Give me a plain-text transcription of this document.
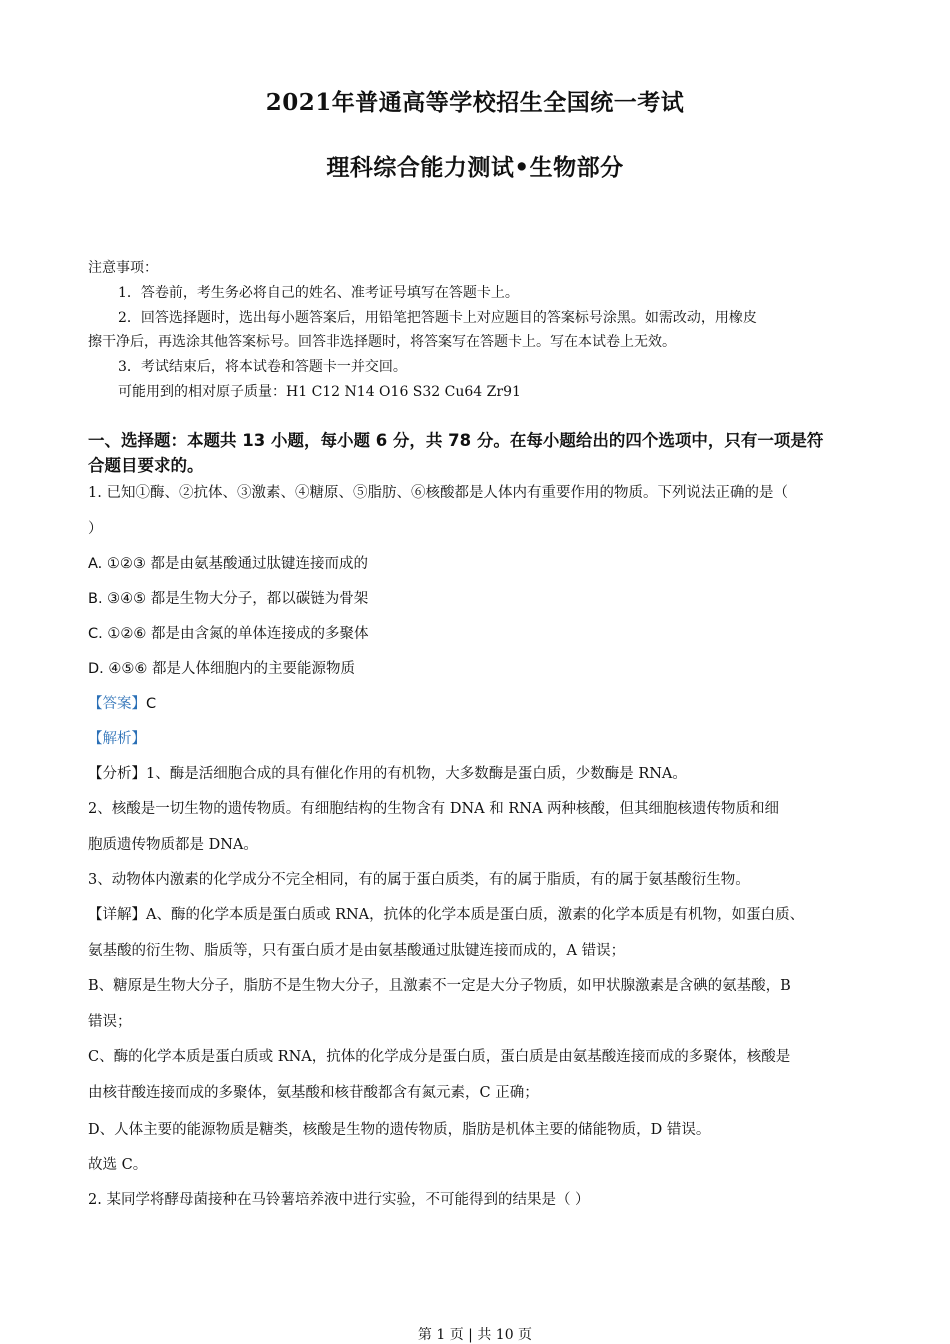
2021年普通高等学校招生全国统一考试
理科综合能力测试•生物部分
注意事项：
1．答卷前，考生务必将自己的姓名、准考证号填写在答题卡上。
2．回答选择题时，选出每小题答案后，用铅笔把答题卡上对应题目的答案标号涂黑。如需改动，用橡皮
擦干净后，再选涂其他答案标号。回答非选择题时，将答案写在答题卡上。写在本试卷上无效。
3．考试结束后，将本试卷和答题卡一并交回。
可能用到的相对原子质量：H1 C12 N14 O16 S32 Cu64 Zr91
一、选择题：本题共 13 小题，每小题 6 分，共 78 分。在每小题给出的四个选项中，只有一项是符
合题目要求的。
1. 已知①酶、②抗体、③激素、④糖原、⑤脂肪、⑥核酸都是人体内有重要作用的物质。下列说法正确的是（
）
A. ①②③ 都是由氨基酸通过肽键连接而成的
B. ③④⑤ 都是生物大分子，都以碳链为骨架
C. ①②⑥ 都是由含氮的单体连接成的多聚体
D. ④⑤⑥ 都是人体细胞内的主要能源物质
【答案】C
【解析】
【分析】1、酶是活细胞合成的具有催化作用的有机物，大多数酶是蛋白质，少数酶是 RNA。
2、核酸是一切生物的遗传物质。有细胞结构的生物含有 DNA 和 RNA 两种核酸，但其细胞核遗传物质和细
胞质遗传物质都是 DNA。
3、动物体内激素的化学成分不完全相同，有的属于蛋白质类，有的属于脂质，有的属于氨基酸衍生物。
【详解】A、酶的化学本质是蛋白质或 RNA，抗体的化学本质是蛋白质，激素的化学本质是有机物，如蛋白质、
氨基酸的衍生物、脂质等，只有蛋白质才是由氨基酸通过肽键连接而成的，A 错误；
B、糖原是生物大分子，脂肪不是生物大分子，且激素不一定是大分子物质，如甲状腺激素是含碘的氨基酸，B
错误；
C、酶的化学本质是蛋白质或 RNA，抗体的化学成分是蛋白质，蛋白质是由氨基酸连接而成的多聚体，核酸是
由核苷酸连接而成的多聚体，氨基酸和核苷酸都含有氮元素，C 正确；
D、人体主要的能源物质是糖类，核酸是生物的遗传物质，脂肪是机体主要的储能物质，D 错误。
故选 C。
2. 某同学将酵母菌接种在马铃薯培养液中进行实验，不可能得到的结果是（ ）
第 1 页 | 共 10 页
